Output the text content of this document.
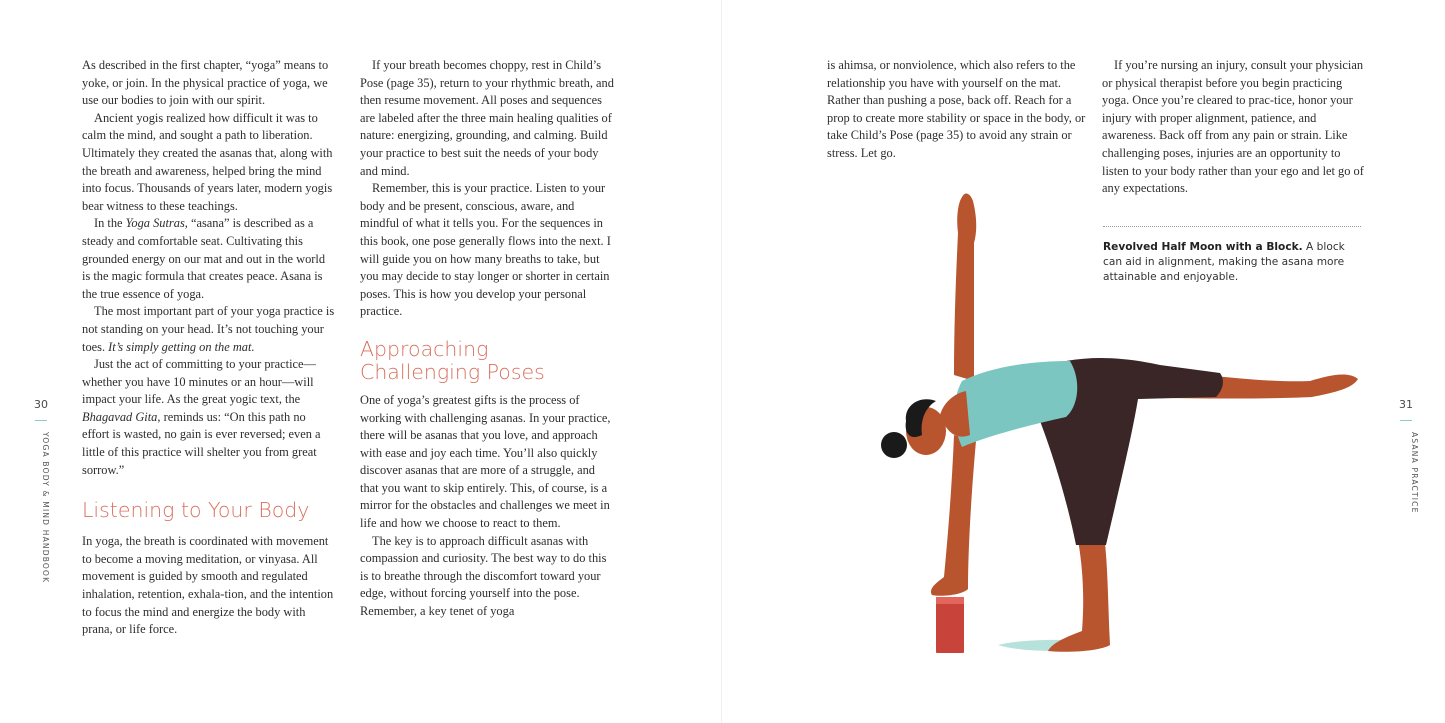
30
YOGA BODY & MIND HANDBOOK

As described in the first chapter, “yoga” means to yoke, or join. In the physical practice of yoga, we use our bodies to join with our spirit.

Ancient yogis realized how difficult it was to calm the mind, and sought a path to liberation. Ultimately they created the asanas that, along with the breath and awareness, helped bring the mind into focus. Thousands of years later, modern yogis bear witness to these teachings.

In the Yoga Sutras, “asana” is described as a steady and comfortable seat. Cultivating this grounded energy on our mat and out in the world is the magic formula that creates peace. Asana is the true essence of yoga.

The most important part of your yoga practice is not standing on your head. It’s not touching your toes. It’s simply getting on the mat.

Just the act of committing to your practice—whether you have 10 minutes or an hour—will impact your life. As the great yogic text, the Bhagavad Gita, reminds us: “On this path no effort is wasted, no gain is ever reversed; even a little of this practice will shelter you from great sorrow.”

Listening to Your Body

In yoga, the breath is coordinated with movement to become a moving meditation, or vinyasa. All movement is guided by smooth and regulated inhalation, retention, exhala-tion, and the intention to focus the mind and energize the body with prana, or life force.

If your breath becomes choppy, rest in Child’s Pose (page 35), return to your rhythmic breath, and then resume movement. All poses and sequences are labeled after the three main healing qualities of nature: energizing, grounding, and calming. Build your practice to best suit the needs of your body and mind.

Remember, this is your practice. Listen to your body and be present, conscious, aware, and mindful of what it tells you. For the sequences in this book, one pose generally flows into the next. I will guide you on how many breaths to take, but you may decide to stay longer or shorter in certain poses. This is how you develop your personal practice.

Approaching
Challenging Poses

One of yoga’s greatest gifts is the process of working with challenging asanas. In your practice, there will be asanas that you love, and approach with ease and joy each time. You’ll also quickly discover asanas that are more of a struggle, and that you want to skip entirely. This, of course, is a mirror for the obstacles and challenges we meet in life and how we choose to react to them.

The key is to approach difficult asanas with compassion and curiosity. The best way to do this is to breathe through the discomfort toward your edge, without forcing yourself into the pose. Remember, a key tenet of yoga

is ahimsa, or nonviolence, which also refers to the relationship you have with yourself on the mat. Rather than pushing a pose, back off. Reach for a prop to create more stability or space in the body, or take Child’s Pose (page 35) to avoid any strain or stress. Let go.

If you’re nursing an injury, consult your physician or physical therapist before you begin practicing yoga. Once you’re cleared to prac-tice, honor your injury with proper alignment, patience, and awareness. Back off from any pain or strain. Like challenging poses, injuries are an opportunity to listen to your body rather than your ego and let go of any expectations.

Revolved Half Moon with a Block. A block can aid in alignment, making the asana more attainable and enjoyable.
31
ASANA PRACTICE
